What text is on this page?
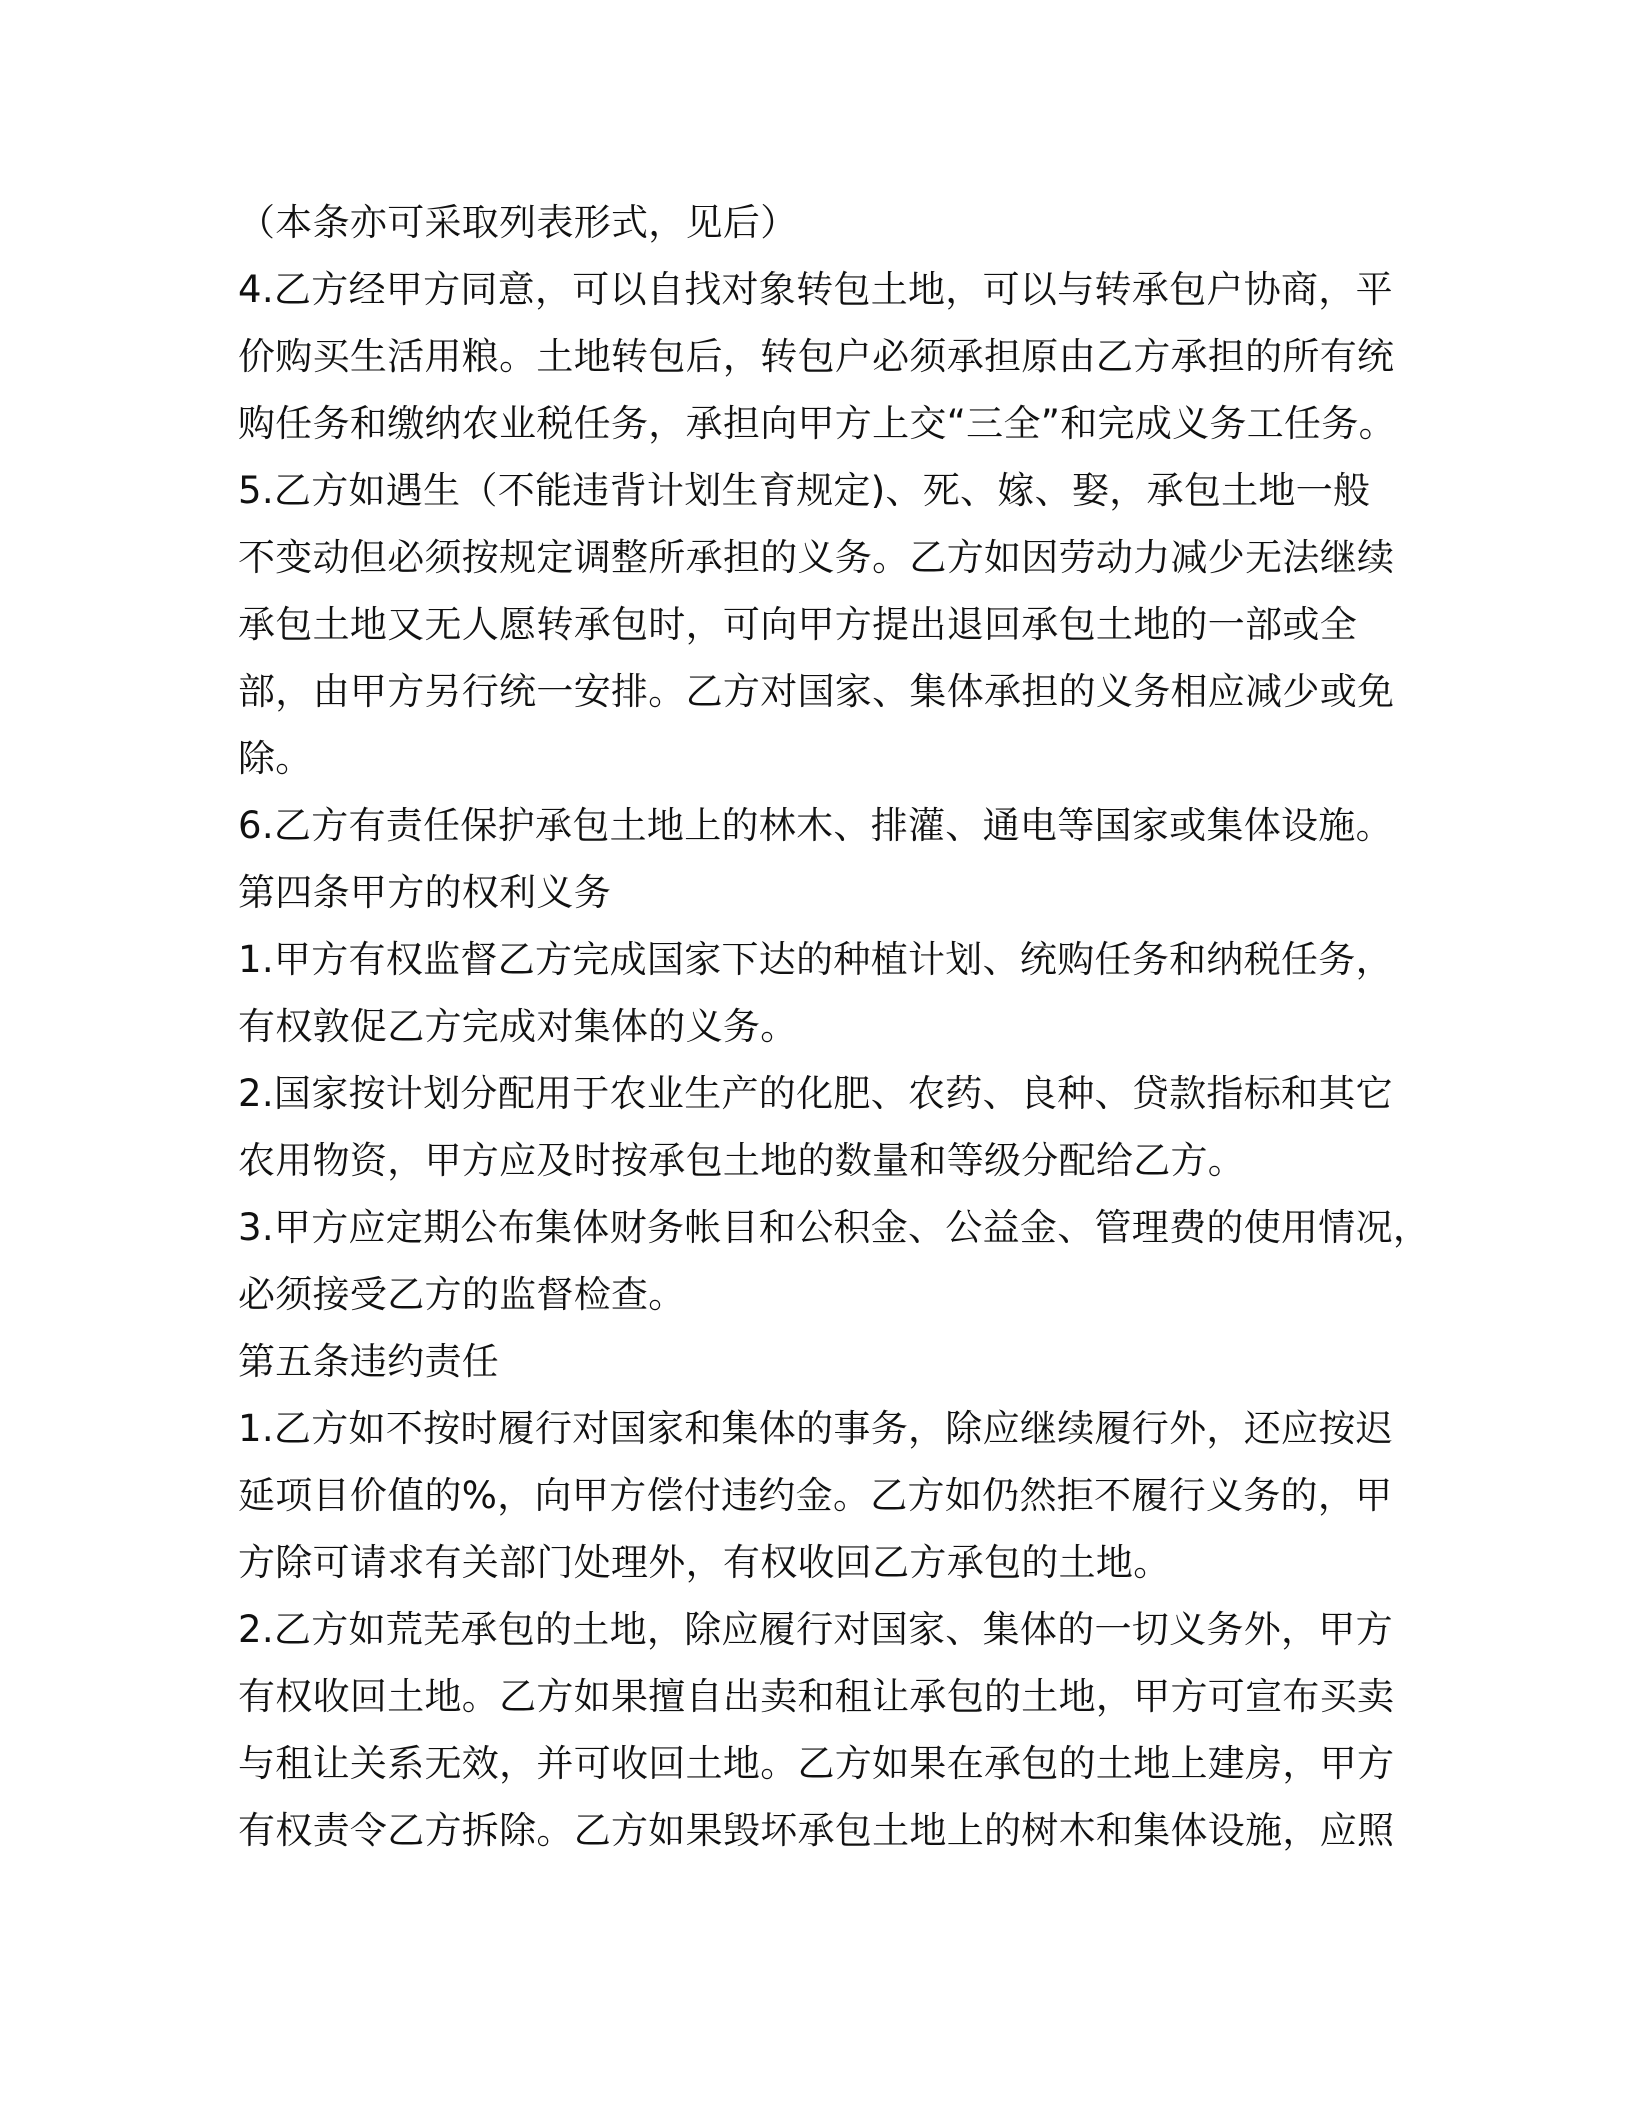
（本条亦可采取列表形式，见后）
4.乙方经甲方同意，可以自找对象转包土地，可以与转承包户协商，平
价购买生活用粮。土地转包后，转包户必须承担原由乙方承担的所有统
购任务和缴纳农业税任务，承担向甲方上交“三全”和完成义务工任务。
5.乙方如遇生（不能违背计划生育规定)、死、嫁、娶，承包土地一般
不变动但必须按规定调整所承担的义务。乙方如因劳动力减少无法继续
承包土地又无人愿转承包时，可向甲方提出退回承包土地的一部或全
部，由甲方另行统一安排。乙方对国家、集体承担的义务相应减少或免
除。
6.乙方有责任保护承包土地上的林木、排灌、通电等国家或集体设施。
第四条甲方的权利义务
1.甲方有权监督乙方完成国家下达的种植计划、统购任务和纳税任务，
有权敦促乙方完成对集体的义务。
2.国家按计划分配用于农业生产的化肥、农药、良种、贷款指标和其它
农用物资，甲方应及时按承包土地的数量和等级分配给乙方。
3.甲方应定期公布集体财务帐目和公积金、公益金、管理费的使用情况，
必须接受乙方的监督检查。
第五条违约责任
1.乙方如不按时履行对国家和集体的事务，除应继续履行外，还应按迟
延项目价值的%，向甲方偿付违约金。乙方如仍然拒不履行义务的，甲
方除可请求有关部门处理外，有权收回乙方承包的土地。
2.乙方如荒芜承包的土地，除应履行对国家、集体的一切义务外，甲方
有权收回土地。乙方如果擅自出卖和租让承包的土地，甲方可宣布买卖
与租让关系无效，并可收回土地。乙方如果在承包的土地上建房，甲方
有权责令乙方拆除。乙方如果毁坏承包土地上的树木和集体设施，应照
